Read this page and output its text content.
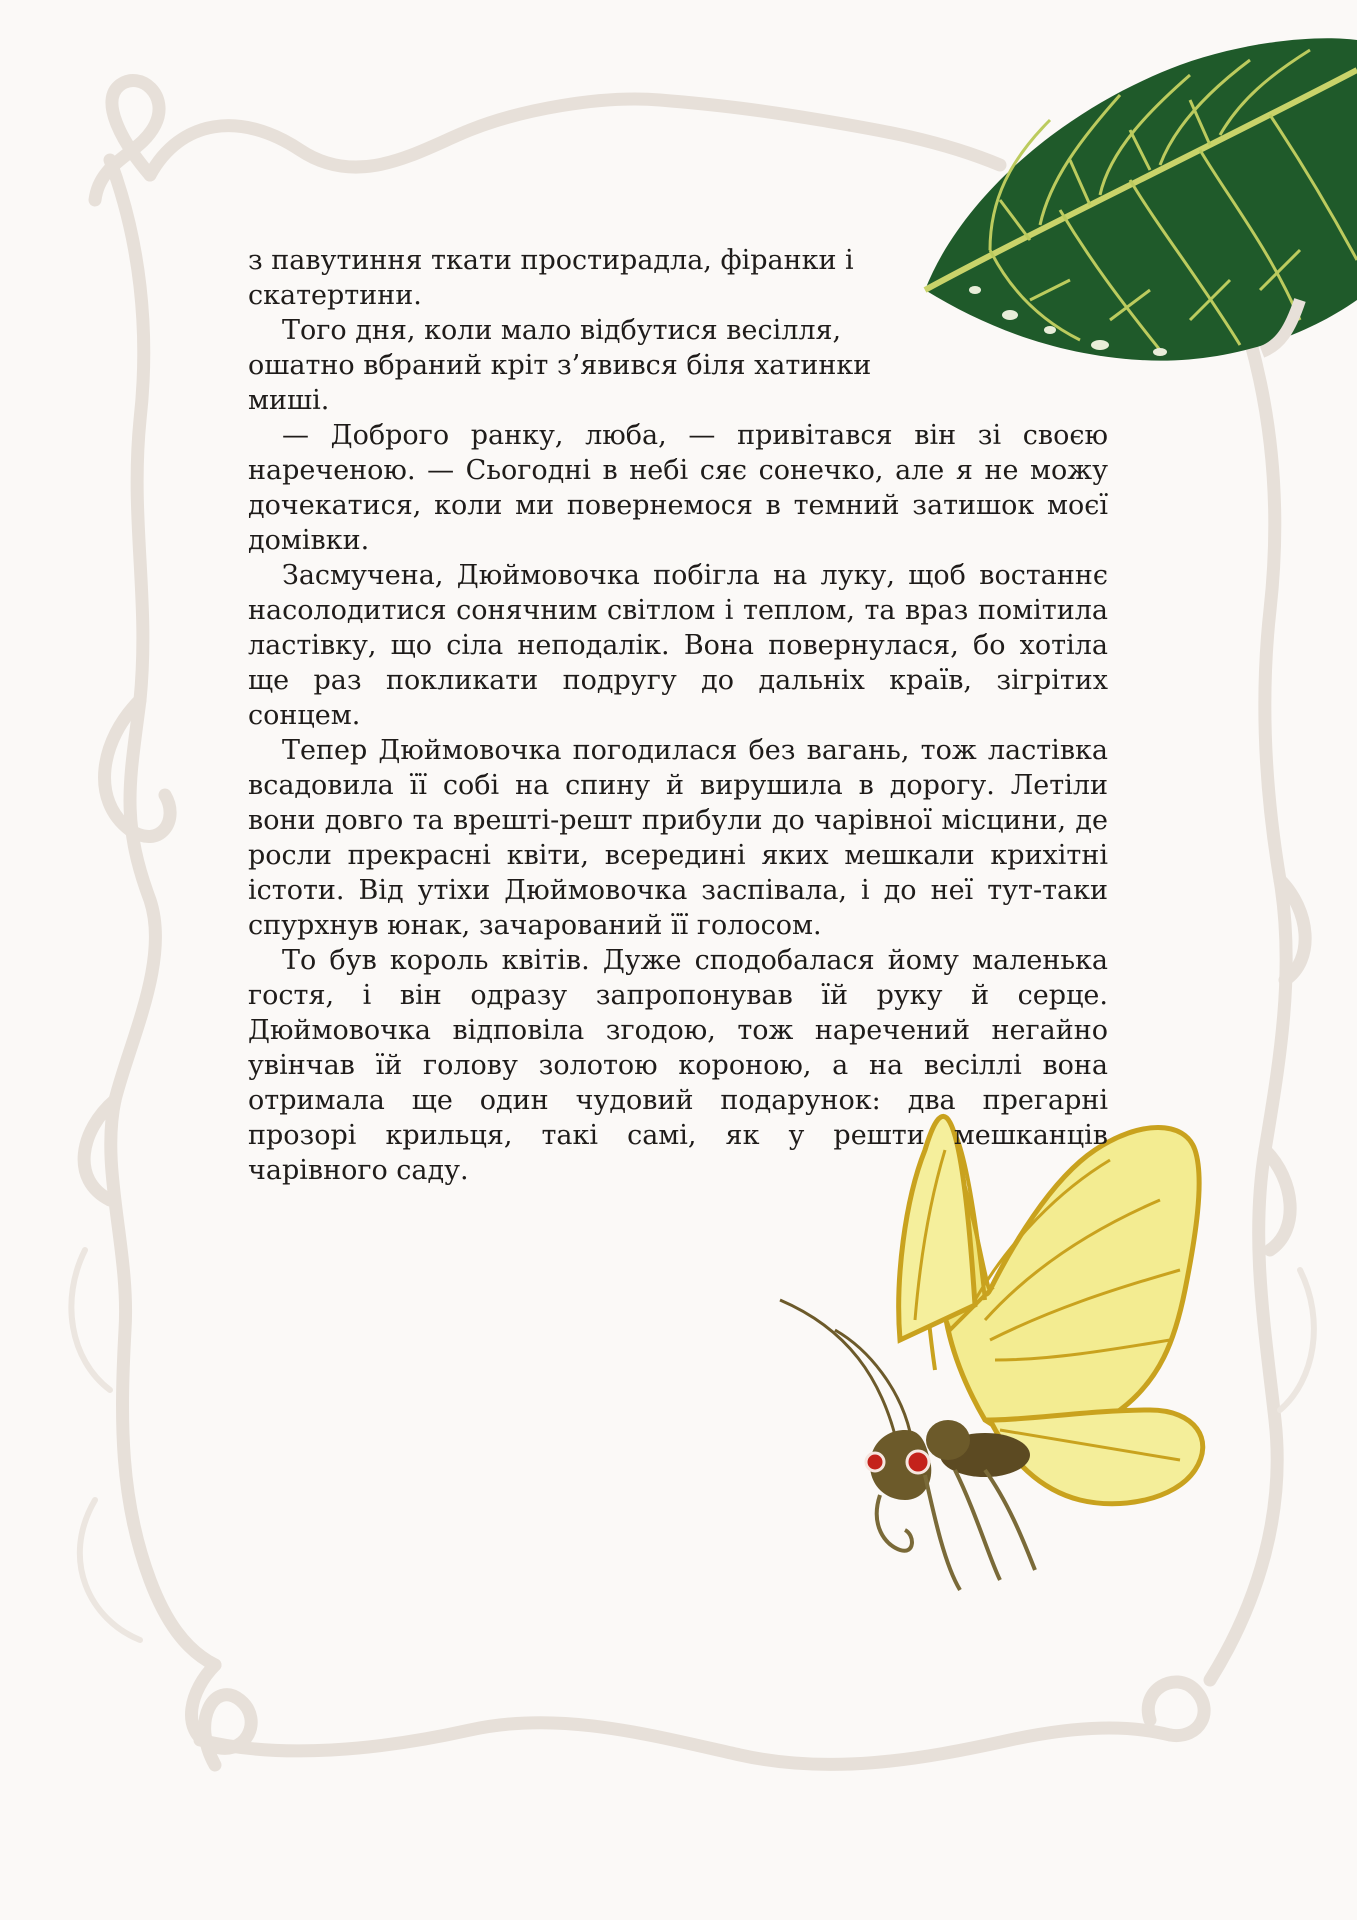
з павутиння ткати простирадла, фіранки і скатертини.

Того дня, коли мало відбутися весілля, ошатно вбраний кріт з’явився біля хатинки миші.

— Доброго ранку, люба, — привітався він зі своєю нареченою. — Сьогодні в небі сяє сонечко, але я не можу дочекатися, коли ми повернемося в темний затишок моєї домівки.

Засмучена, Дюймовочка побігла на луку, щоб востаннє насолодитися сонячним світлом і теплом, та враз помітила ластівку, що сіла неподалік. Вона повернулася, бо хотіла ще раз покликати подругу до дальніх країв, зігрітих сонцем.

Тепер Дюймовочка погодилася без вагань, тож ластівка всадовила її собі на спину й вирушила в дорогу. Летіли вони довго та врешті-решт прибули до чарівної місцини, де росли прекрасні квіти, всередині яких мешкали крихітні істоти. Від утіхи Дюймовочка заспівала, і до неї тут-таки спурхнув юнак, зачарований її голосом.

То був король квітів. Дуже сподобалася йому маленька гостя, і він одразу запропонував їй руку й серце. Дюймовочка відповіла згодою, тож наречений негайно увінчав їй голову золотою короною, а на весіллі вона отримала ще один чудовий подарунок: два прегарні прозорі крильця, такі самі, як у решти мешканців чарівного саду.
